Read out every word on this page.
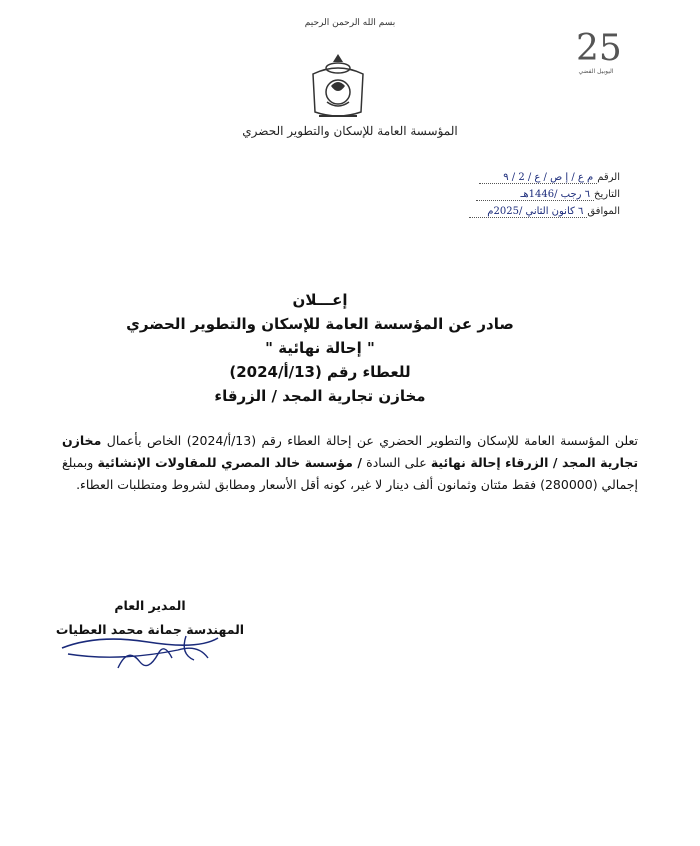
بسم الله الرحمن الرحيم
المؤسسة العامة للإسكان والتطوير الحضري
25
اليوبيل الفضي
الرقم
م ع / إ ص / ع / 2 / ٩
التاريخ
٦ رجب /1446هـ
الموافق
٦ كانون الثاني /2025م
إعـــلان
صادر عن المؤسسة العامة للإسكان والتطوير الحضري
" إحالة نهائية "
للعطاء رقم (13/أ/2024)
مخازن تجارية المجد / الزرقاء
تعلن المؤسسة العامة للإسكان والتطوير الحضري عن إحالة العطاء رقم (13/أ/2024) الخاص بأعمال مخازن تجارية المجد / الزرقاء إحالة نهائية على السادة / مؤسسة خالد المصري للمقاولات الإنشائية وبمبلغ إجمالي (280000) فقط مئتان وثمانون ألف دينار لا غير، كونه أقل الأسعار ومطابق لشروط ومتطلبات العطاء.
المدير العام
المهندسة جمانة محمد العطيات
